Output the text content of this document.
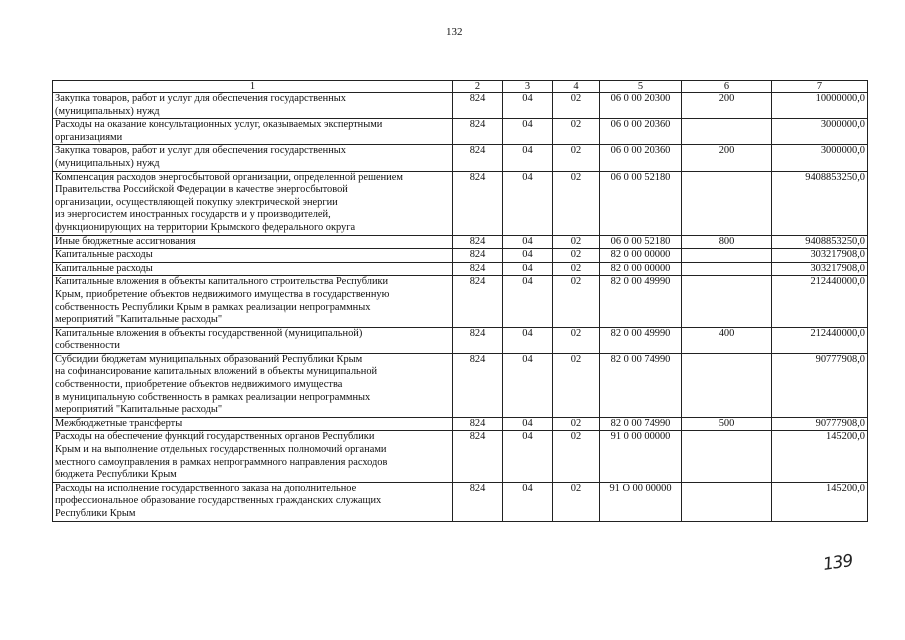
132
1	2	3	4	5	6	7
Закупка товаров, работ и услуг для обеспечения государственных
(муниципальных) нужд	824	04	02	06 0 00 20300	200	10000000,0
Расходы на оказание консультационных услуг, оказываемых экспертными
организациями	824	04	02	06 0 00 20360		3000000,0
Закупка товаров, работ и услуг для обеспечения государственных
(муниципальных) нужд	824	04	02	06 0 00 20360	200	3000000,0
Компенсация расходов энергосбытовой организации, определенной решением
Правительства Российской Федерации в качестве энергосбытовой
организации, осуществляющей покупку электрической энергии
из энергосистем иностранных государств и у производителей,
функционирующих на территории Крымского федерального округа	824	04	02	06 0 00 52180		9408853250,0
Иные бюджетные ассигнования	824	04	02	06 0 00 52180	800	9408853250,0
Капитальные расходы	824	04	02	82 0 00 00000		303217908,0
Капитальные расходы	824	04	02	82 0 00 00000		303217908,0
Капитальные вложения в объекты капитального строительства Республики
Крым, приобретение объектов недвижимого имущества в государственную
собственность Республики Крым в рамках реализации непрограммных
мероприятий "Капитальные расходы"	824	04	02	82 0 00 49990		212440000,0
Капитальные вложения в объекты государственной (муниципальной)
собственности	824	04	02	82 0 00 49990	400	212440000,0
Субсидии бюджетам муниципальных образований Республики Крым
на софинансирование капитальных вложений в объекты муниципальной
собственности, приобретение объектов недвижимого имущества
в муниципальную собственность в рамках реализации непрограммных
мероприятий "Капитальные расходы"	824	04	02	82 0 00 74990		90777908,0
Межбюджетные трансферты	824	04	02	82 0 00 74990	500	90777908,0
Расходы на обеспечение функций государственных органов Республики
Крым и на выполнение отдельных государственных полномочий органами
местного самоуправления в рамках непрограммного направления расходов
бюджета Республики Крым	824	04	02	91 0 00 00000		145200,0
Расходы на исполнение государственного заказа на дополнительное
профессиональное образование государственных гражданских служащих
Республики Крым	824	04	02	91 О 00 00000		145200,0
139
